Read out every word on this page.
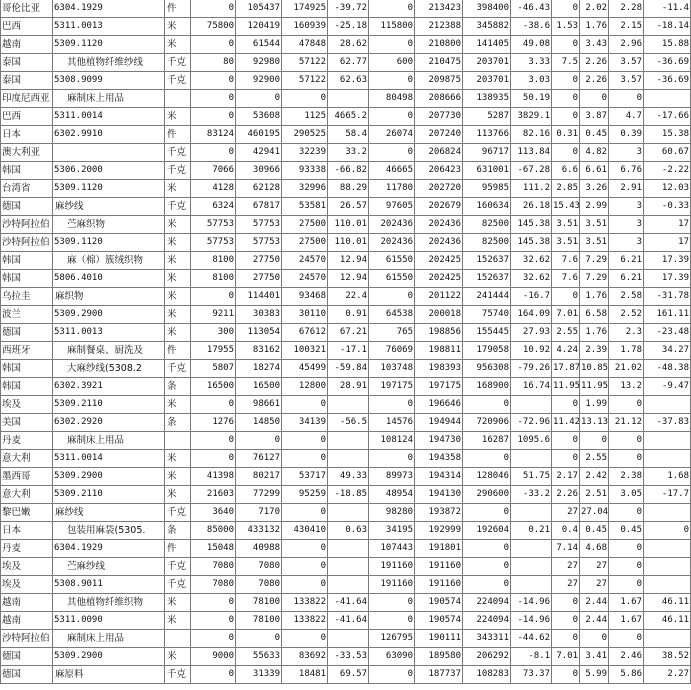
哥伦比亚	6304.1929	件	0	105437	174925	-39.72	0	213423	398400	-46.43	0	2.02	2.28	-11.4
巴西	5311.0013	米	75800	120419	160939	-25.18	115800	212388	345882	-38.6	1.53	1.76	2.15	-18.14
越南	5309.1120	米	0	61544	47848	28.62	0	210800	141405	49.08	0	3.43	2.96	15.88
泰国	其他植物纤维纱线	千克	80	92980	57122	62.77	600	210475	203701	3.33	7.5	2.26	3.57	-36.69
泰国	5308.9099	千克	0	92900	57122	62.63	0	209875	203701	3.03	0	2.26	3.57	-36.69
印度尼西亚	麻制床上用品		0	0	0		80498	208666	138935	50.19	0	0	0	
巴西	5311.0014	米	0	53608	1125	4665.2	0	207730	5287	3829.1	0	3.87	4.7	-17.66
日本	6302.9910	件	83124	460195	290525	58.4	26074	207240	113766	82.16	0.31	0.45	0.39	15.38
澳大利亚		千克	0	42941	32239	33.2	0	206824	96717	113.84	0	4.82	3	60.67
韩国	5306.2000	千克	7066	30966	93338	-66.82	46665	206423	631001	-67.28	6.6	6.61	6.76	-2.22
台湾省	5309.1120	米	4128	62128	32996	88.29	11780	202720	95985	111.2	2.85	3.26	2.91	12.03
德国	麻纱线	千克	6324	67817	53581	26.57	97605	202679	160634	26.18	15.43	2.99	3	-0.33
沙特阿拉伯	苎麻织物	米	57753	57753	27500	110.01	202436	202436	82500	145.38	3.51	3.51	3	17
沙特阿拉伯	5309.1120	米	57753	57753	27500	110.01	202436	202436	82500	145.38	3.51	3.51	3	17
韩国	麻（棉）簇绒织物	米	8100	27750	24570	12.94	61550	202425	152637	32.62	7.6	7.29	6.21	17.39
韩国	5806.4010	米	8100	27750	24570	12.94	61550	202425	152637	32.62	7.6	7.29	6.21	17.39
乌拉圭	麻织物	米	0	114401	93468	22.4	0	201122	241444	-16.7	0	1.76	2.58	-31.78
波兰	5309.2900	米	9211	30383	30110	0.91	64538	200018	75740	164.09	7.01	6.58	2.52	161.11
德国	5311.0013	米	300	113054	67612	67.21	765	198856	155445	27.93	2.55	1.76	2.3	-23.48
西班牙	麻制餐桌、厨洗及	件	17955	83162	100321	-17.1	76069	198811	179058	10.92	4.24	2.39	1.78	34.27
韩国	大麻纱线(5308.2	千克	5807	18274	45499	-59.84	103748	198393	956308	-79.26	17.87	10.85	21.02	-48.38
韩国	6302.3921	条	16500	16500	12800	28.91	197175	197175	168900	16.74	11.95	11.95	13.2	-9.47
埃及	5309.2110	米	0	98661	0		0	196646	0		0	1.99	0	
美国	6302.2920	条	1276	14850	34139	-56.5	14576	194944	720906	-72.96	11.42	13.13	21.12	-37.83
丹麦	麻制床上用品		0	0	0		108124	194730	16287	1095.6	0	0	0	
意大利	5311.0014	米	0	76127	0		0	194358	0		0	2.55	0	
墨西哥	5309.2900	米	41398	80217	53717	49.33	89973	194314	128046	51.75	2.17	2.42	2.38	1.68
意大利	5309.2110	米	21603	77299	95259	-18.85	48954	194130	290600	-33.2	2.26	2.51	3.05	-17.7
黎巴嫩	麻纱线	千克	3640	7170	0		98280	193872	0		27	27.04	0	
日本	包装用麻袋(5305.	条	85000	433132	430410	0.63	34195	192999	192604	0.21	0.4	0.45	0.45	0
丹麦	6304.1929	件	15048	40988	0		107443	191801	0		7.14	4.68	0	
埃及	苎麻纱线	千克	7080	7080	0		191160	191160	0		27	27	0	
埃及	5308.9011	千克	7080	7080	0		191160	191160	0		27	27	0	
越南	其他植物纤维织物	米	0	78100	133822	-41.64	0	190574	224094	-14.96	0	2.44	1.67	46.11
越南	5311.0090	米	0	78100	133822	-41.64	0	190574	224094	-14.96	0	2.44	1.67	46.11
沙特阿拉伯	麻制床上用品		0	0	0		126795	190111	343311	-44.62	0	0	0	
德国	5309.2900	米	9000	55633	83692	-33.53	63090	189580	206292	-8.1	7.01	3.41	2.46	38.52
德国	麻原料	千克	0	31339	18481	69.57	0	187737	108283	73.37	0	5.99	5.86	2.27
